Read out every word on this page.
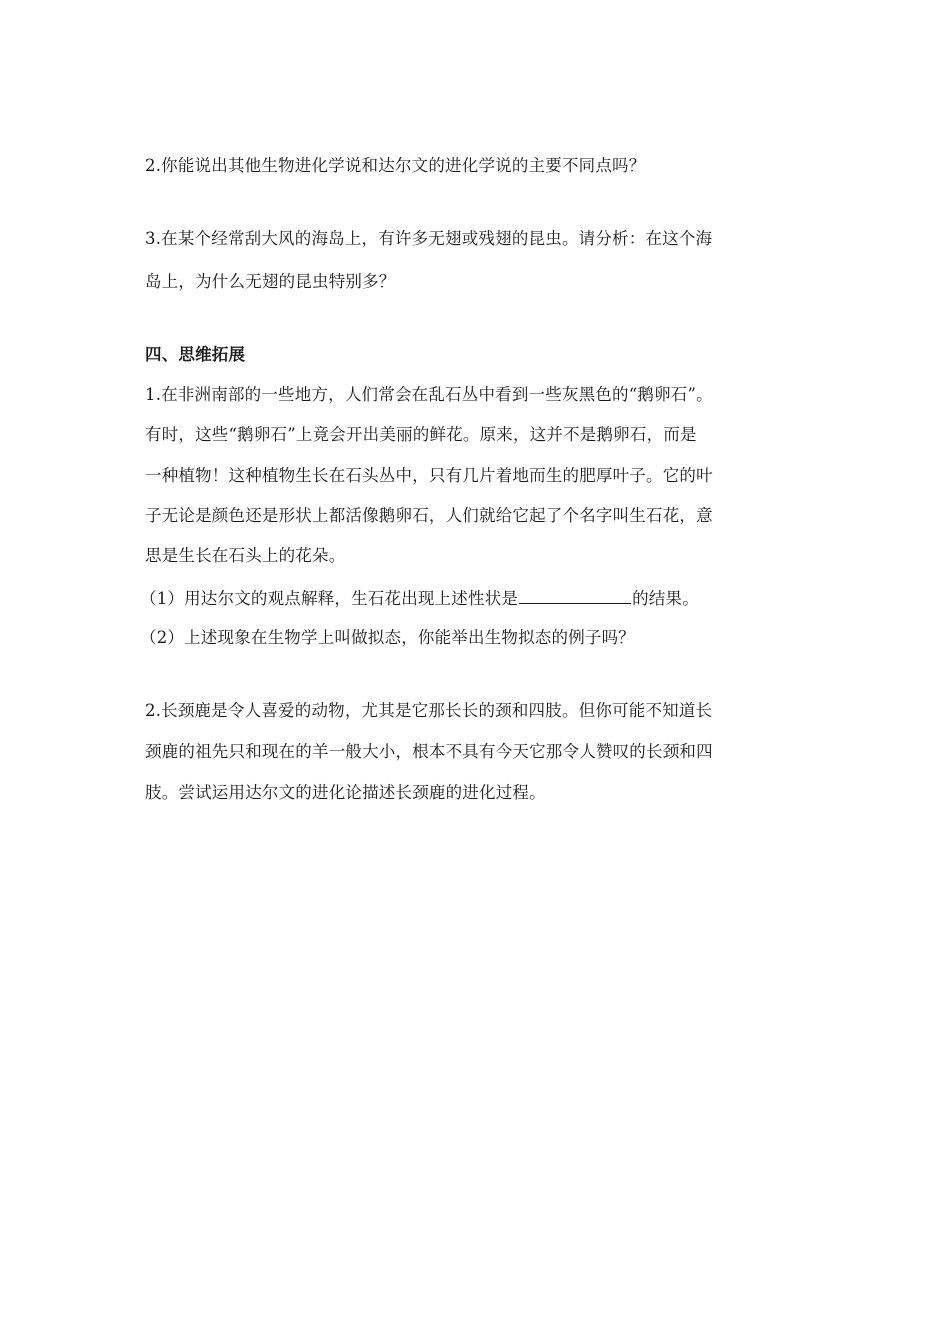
2.你能说出其他生物进化学说和达尔文的进化学说的主要不同点吗？
3.在某个经常刮大风的海岛上，有许多无翅或残翅的昆虫。请分析：在这个海
岛上，为什么无翅的昆虫特别多？
四、思维拓展
1.在非洲南部的一些地方，人们常会在乱石丛中看到一些灰黑色的“鹅卵石”。
有时，这些“鹅卵石”上竟会开出美丽的鲜花。原来，这并不是鹅卵石，而是
一种植物！这种植物生长在石头丛中，只有几片着地而生的肥厚叶子。它的叶
子无论是颜色还是形状上都活像鹅卵石，人们就给它起了个名字叫生石花，意
思是生长在石头上的花朵。
（1）用达尔文的观点解释，生石花出现上述性状是	的结果。
（2）上述现象在生物学上叫做拟态，你能举出生物拟态的例子吗？
2.长颈鹿是令人喜爱的动物，尤其是它那长长的颈和四肢。但你可能不知道长
颈鹿的祖先只和现在的羊一般大小，根本不具有今天它那令人赞叹的长颈和四
肢。尝试运用达尔文的进化论描述长颈鹿的进化过程。
